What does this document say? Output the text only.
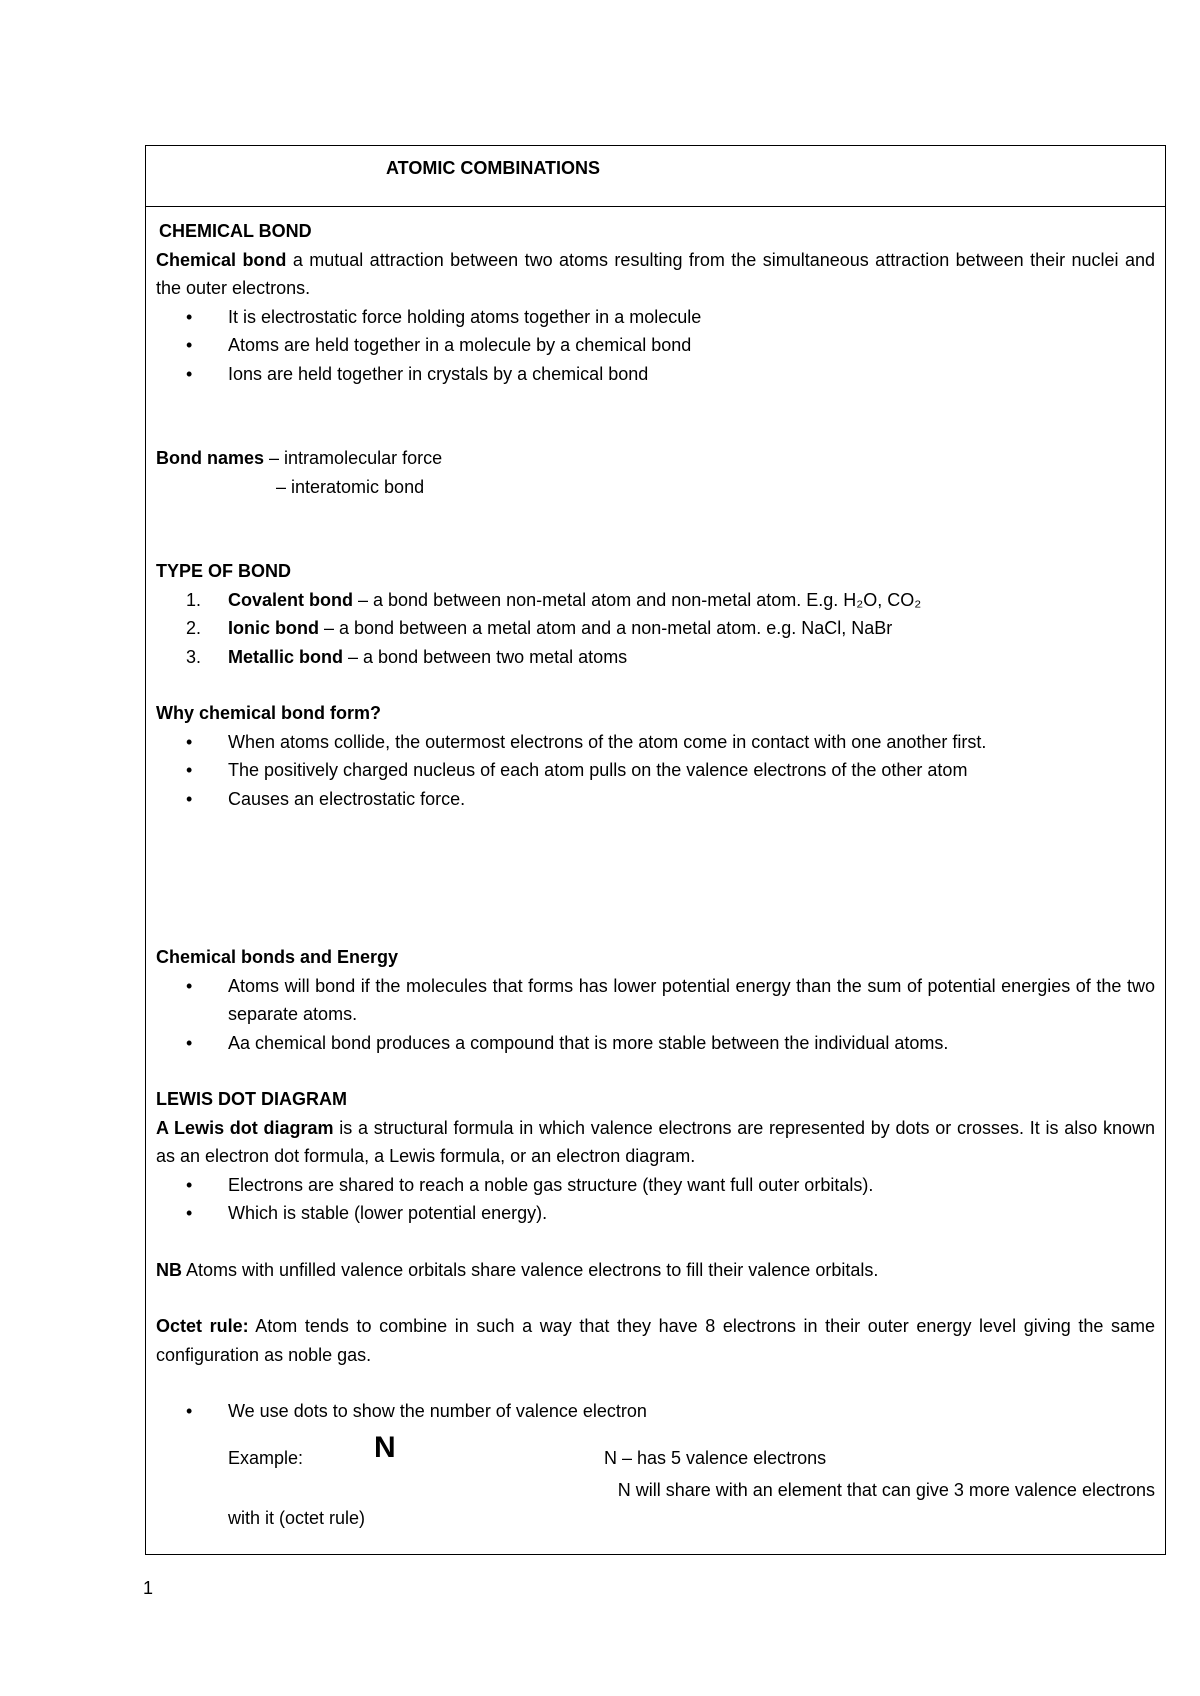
ATOMIC COMBINATIONS

CHEMICAL BOND

Chemical bond a mutual attraction between two atoms resulting from the simultaneous attraction between their nuclei and the outer electrons.

• It is electrostatic force holding atoms together in a molecule
• Atoms are held together in a molecule by a chemical bond
• Ions are held together in crystals by a chemical bond

Bond names – intramolecular force

– interatomic bond

TYPE OF BOND

1. Covalent bond – a bond between non-metal atom and non-metal atom. E.g. H₂O, CO₂
2. Ionic bond – a bond between a metal atom and a non-metal atom. e.g. NaCl, NaBr
3. Metallic bond – a bond between two metal atoms

Why chemical bond form?

• When atoms collide, the outermost electrons of the atom come in contact with one another first.
• The positively charged nucleus of each atom pulls on the valence electrons of the other atom
• Causes an electrostatic force.

Chemical bonds and Energy

• Atoms will bond if the molecules that forms has lower potential energy than the sum of potential energies of the two separate atoms.
• Aa chemical bond produces a compound that is more stable between the individual atoms.

LEWIS DOT DIAGRAM

A Lewis dot diagram is a structural formula in which valence electrons are represented by dots or crosses. It is also known as an electron dot formula, a Lewis formula, or an electron diagram.

• Electrons are shared to reach a noble gas structure (they want full outer orbitals).
• Which is stable (lower potential energy).

NB Atoms with unfilled valence orbitals share valence electrons to fill their valence orbitals.

Octet rule: Atom tends to combine in such a way that they have 8 electrons in their outer energy level giving the same configuration as noble gas.

• We use dots to show the number of valence electron
Example: N	N – has 5 valence electrons

N will share with an element that can give 3 more valence electrons

with it (octet rule)

1
